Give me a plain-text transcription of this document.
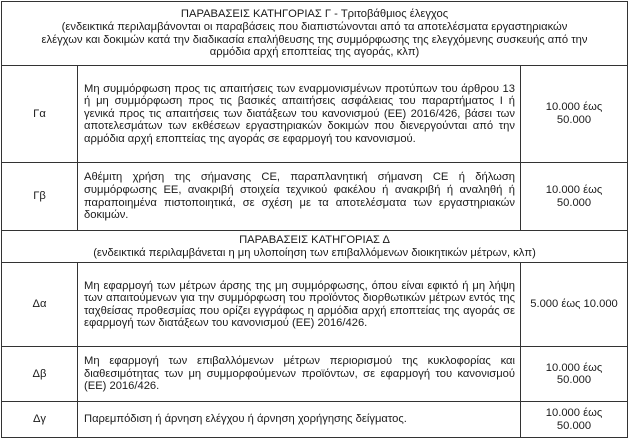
ΠΑΡΑΒΑΣΕΙΣ ΚΑΤΗΓΟΡΙΑΣ Γ - Τριτοβάθμιος έλεγχος
(ενδεικτικά περιλαμβάνονται οι παραβάσεις που διαπιστώνονται από τα αποτελέσματα εργαστηριακών
ελέγχων και δοκιμών κατά την διαδικασία επαλήθευσης της συμμόρφωσης της ελεγχόμενης συσκευής από την
αρμόδια αρχή εποπτείας της αγοράς, κλπ)		

Γα	Μη συμμόρφωση προς τις απαιτήσεις των εναρμονισμένων προτύπων του άρθρου 13 ή μη συμμόρφωση προς τις βασικές απαιτήσεις ασφάλειας του παραρτήματος Ι ή γενικά προς τις απαιτήσεις των διατάξεων του κανονισμού (ΕΕ) 2016/426, βάσει των αποτελεσμάτων των εκθέσεων εργαστηριακών δοκιμών που διενεργούνται από την αρμόδια αρχή εποπτείας της αγοράς σε εφαρμογή του κανονισμού.	10.000 έως
50.000

Γβ	Αθέμιτη χρήση της σήμανσης CE, παραπλανητική σήμανση CE ή δήλωση συμμόρφωσης ΕΕ, ανακριβή στοιχεία τεχνικού φακέλου ή ανακριβή ή αναληθή ή παραποιημένα πιστοποιητικά, σε σχέση με τα αποτελέσματα των εργαστηριακών δοκιμών.	10.000 έως
50.000

ΠΑΡΑΒΑΣΕΙΣ ΚΑΤΗΓΟΡΙΑΣ Δ
(ενδεικτικά περιλαμβάνεται η μη υλοποίηση των επιβαλλόμενων διοικητικών μέτρων, κλπ)		

Δα	Μη εφαρμογή των μέτρων άρσης της μη συμμόρφωσης, όπου είναι εφικτό ή μη λήψη των απαιτούμενων για την συμμόρφωση του προϊόντος διορθωτικών μέτρων εντός της ταχθείσας προθεσμίας που ορίζει εγγράφως η αρμόδια αρχή εποπτείας της αγοράς σε εφαρμογή των διατάξεων του κανονισμού (ΕΕ) 2016/426.	5.000 έως 10.000

Δβ	Μη εφαρμογή των επιβαλλόμενων μέτρων περιορισμού της κυκλοφορίας και διαθεσιμότητας των μη συμμορφούμενων προϊόντων, σε εφαρμογή του κανονισμού (ΕΕ) 2016/426.	10.000 έως
50.000

Δγ	Παρεμπόδιση ή άρνηση ελέγχου ή άρνηση χορήγησης δείγματος.	10.000 έως
50.000
